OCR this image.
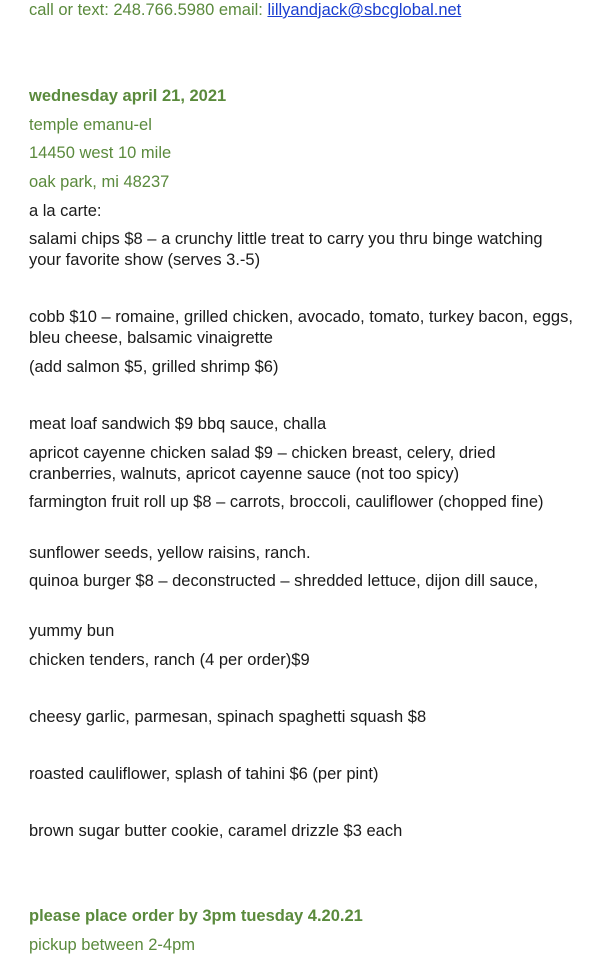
call or text: 248.766.5980 email: lillyandjack@sbcglobal.net
wednesday april 21, 2021
temple emanu-el
14450 west 10 mile
oak park, mi 48237
a la carte:
salami chips $8 – a crunchy little treat to carry you thru binge watching your favorite show (serves 3.-5)
cobb $10 – romaine, grilled chicken, avocado, tomato, turkey bacon, eggs, bleu cheese, balsamic vinaigrette
(add salmon $5, grilled shrimp $6)
meat loaf sandwich $9 bbq sauce, challa
apricot cayenne chicken salad $9 – chicken breast, celery, dried cranberries, walnuts, apricot cayenne sauce (not too spicy)
farmington fruit roll up $8 – carrots, broccoli, cauliflower (chopped fine)
sunflower seeds, yellow raisins, ranch.
quinoa burger $8 – deconstructed – shredded lettuce, dijon dill sauce,
yummy bun
chicken tenders, ranch (4 per order)$9
cheesy garlic, parmesan, spinach spaghetti squash $8
roasted cauliflower, splash of tahini $6 (per pint)
brown sugar butter cookie, caramel drizzle $3 each
please place order by 3pm tuesday 4.20.21
pickup between 2-4pm
